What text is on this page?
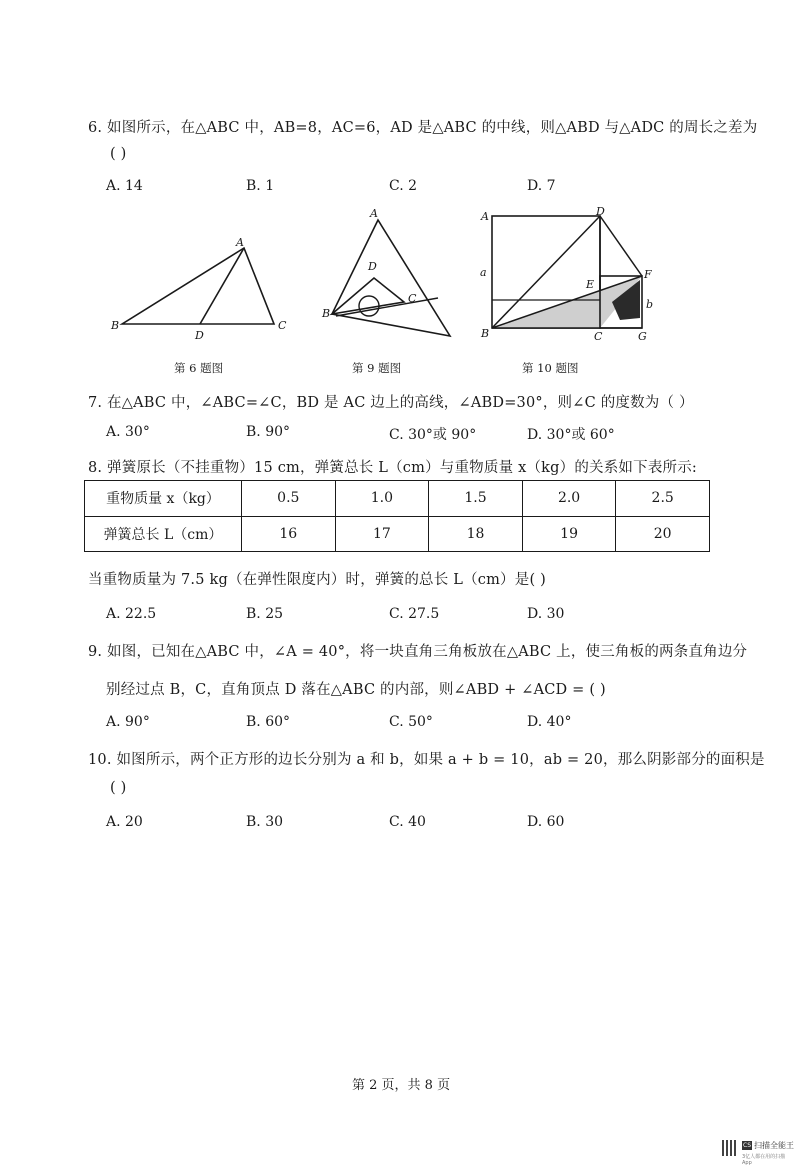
6. 如图所示，在△ABC 中，AB=8，AC=6，AD 是△ABC 的中线，则△ABD 与△ADC 的周长之差为
( )
A. 14	B. 1	C. 2	D. 7
A
B
D
C
第 6 题图
A
D
B
C
第 9 题图
A	D
a
E
F
b
B	C	G
第 10 题图
7. 在△ABC 中，∠ABC=∠C，BD 是 AC 边上的高线，∠ABD=30°，则∠C 的度数为（ ）
A. 30°	B. 90°	C. 30°或 90°	D. 30°或 60°
8. 弹簧原长（不挂重物）15 cm，弹簧总长 L（cm）与重物质量 x（kg）的关系如下表所示:
重物质量 x（kg）	0.5	1.0	1.5	2.0	2.5
弹簧总长 L（cm）	16	17	18	19	20
当重物质量为 7.5 kg（在弹性限度内）时，弹簧的总长 L（cm）是( )
A. 22.5	B. 25	C. 27.5	D. 30
9. 如图，已知在△ABC 中，∠A = 40°，将一块直角三角板放在△ABC 上，使三角板的两条直角边分
别经过点 B，C，直角顶点 D 落在△ABC 的内部，则∠ABD + ∠ACD = ( )
A. 90°	B. 60°	C. 50°	D. 40°
10. 如图所示，两个正方形的边长分别为 a 和 b，如果 a + b = 10，ab = 20，那么阴影部分的面积是
( )
A. 20	B. 30	C. 40	D. 60
第 2 页，共 8 页
CS 扫描全能王
3亿人都在用的扫描App
